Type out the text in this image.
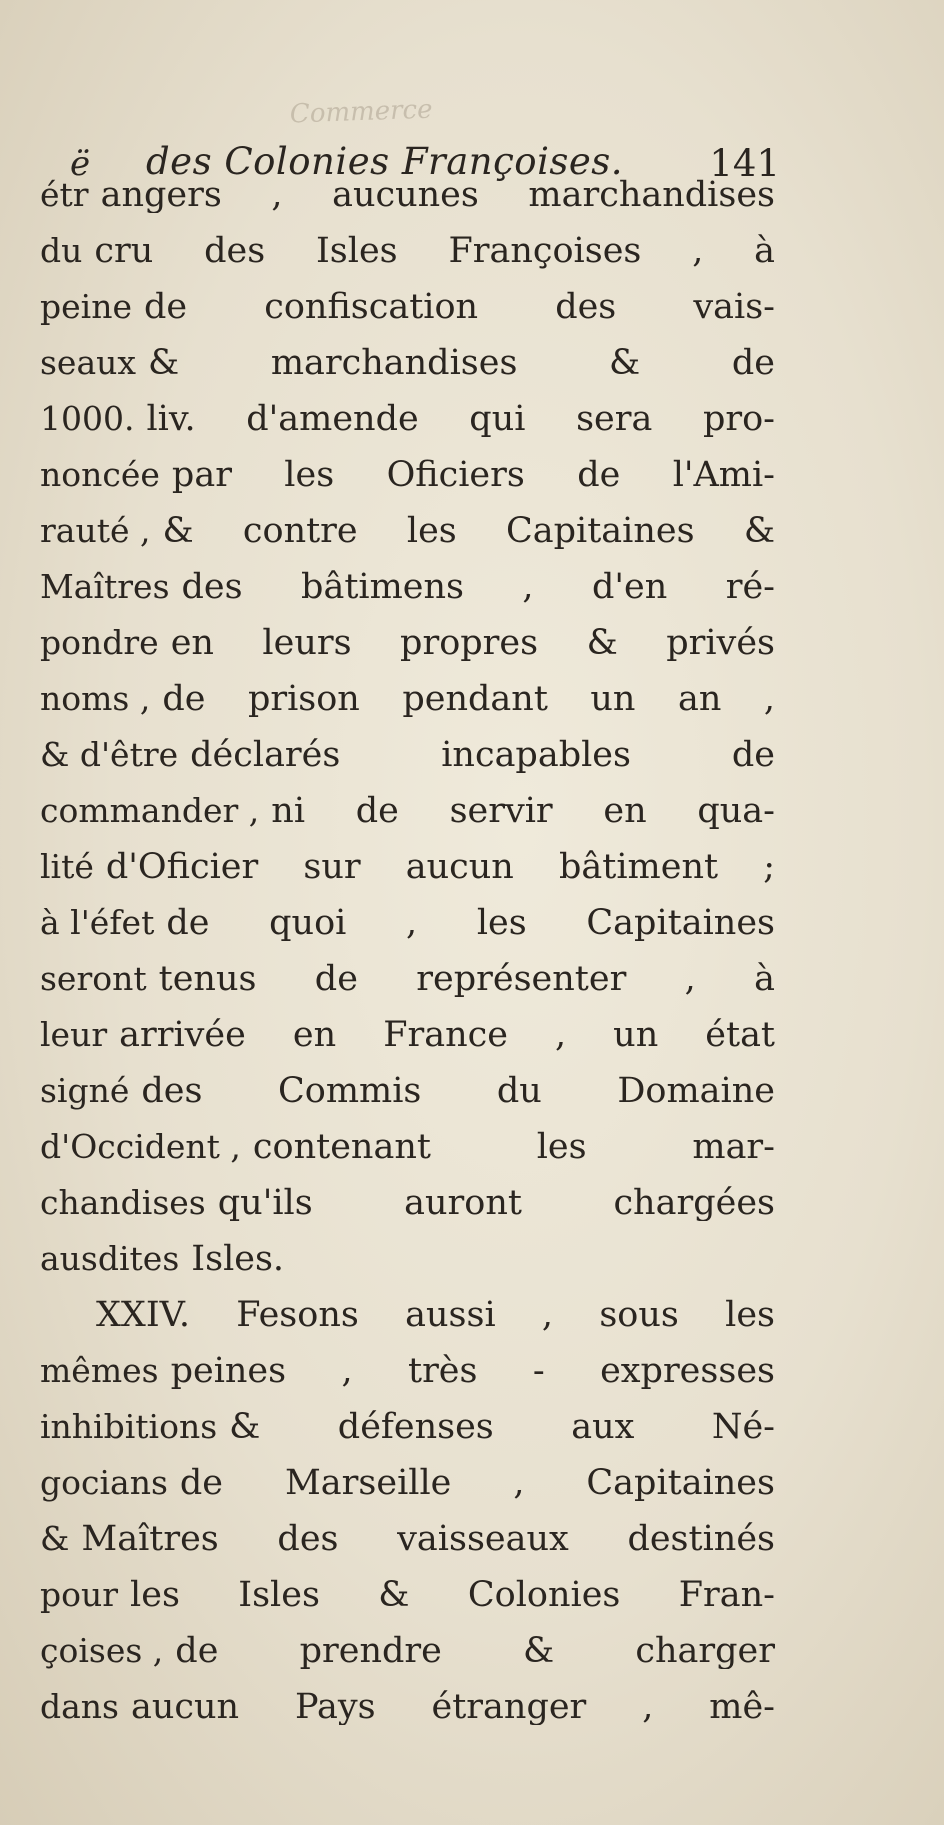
Commerce
ë des Colonies Françoises. 141
étr angers , aucunes marchandises
du cru des Isles Françoises , à
peine de confiscation des vais-
seaux & marchandises & de
1000. liv. d'amende qui sera pro-
noncée par les Oficiers de l'Ami-
rauté , & contre les Capitaines &
Maîtres des bâtimens , d'en ré-
pondre en leurs propres & privés
noms , de prison pendant un an ,
& d'être déclarés incapables de
commander , ni de servir en qua-
lité d'Oficier sur aucun bâtiment ;
à l'éfet de quoi , les Capitaines
seront tenus de représenter , à
leur arrivée en France , un état
signé des Commis du Domaine
d'Occident , contenant les mar-
chandises qu'ils auront chargées
ausdites Isles.
XXIV. Fesons aussi , sous les
mêmes peines , très - expresses
inhibitions & défenses aux Né-
gocians de Marseille , Capitaines
& Maîtres des vaisseaux destinés
pour les Isles & Colonies Fran-
çoises , de prendre & charger
dans aucun Pays étranger , mê-
